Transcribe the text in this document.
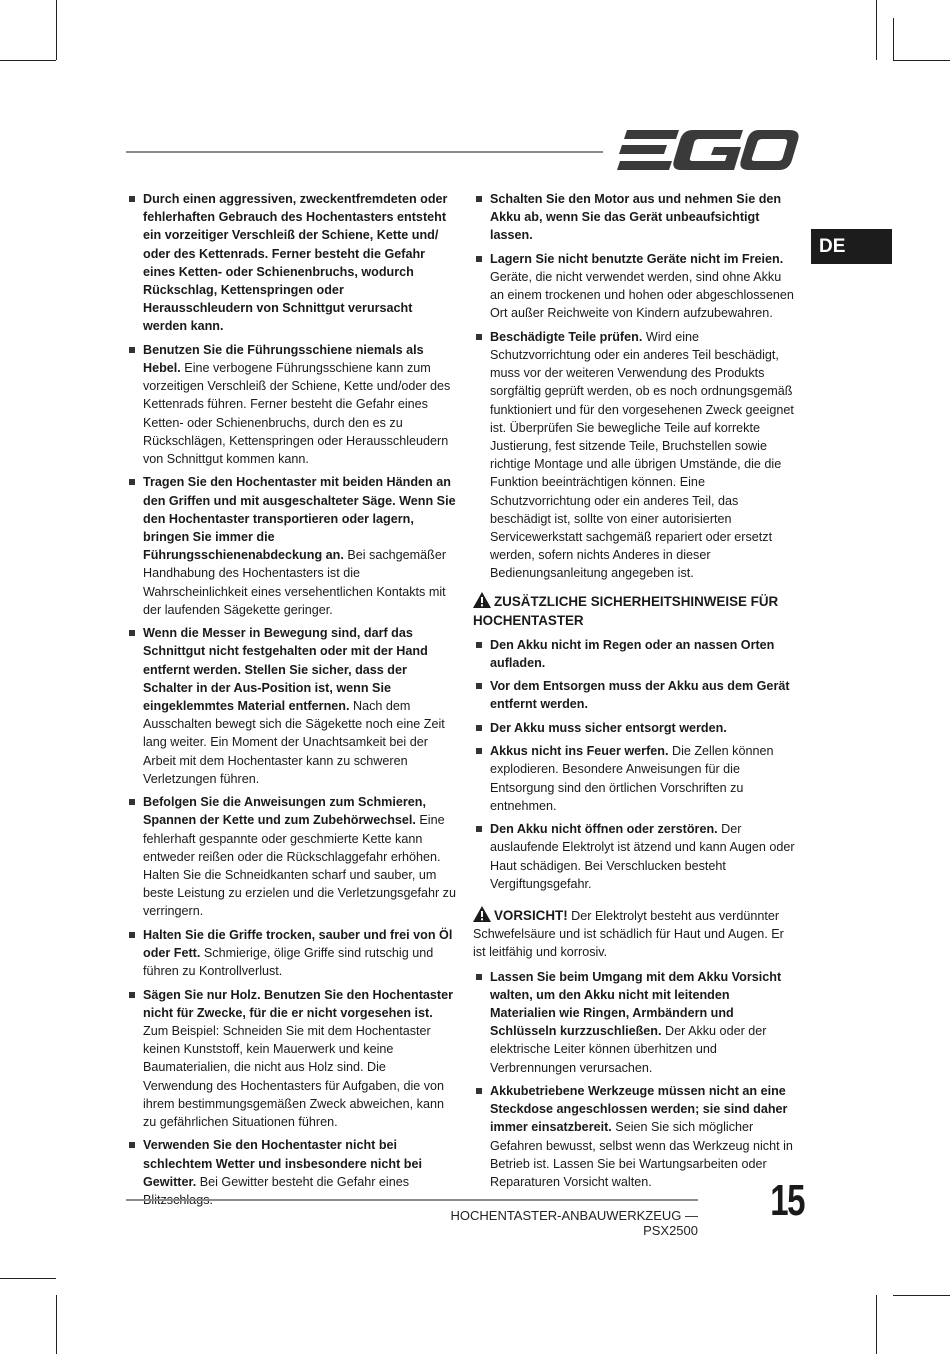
DE
Durch einen aggressiven, zweckentfremdeten oder fehlerhaften Gebrauch des Hochentasters entsteht ein vorzeitiger Verschleiß der Schiene, Kette und/ oder des Kettenrads. Ferner besteht die Gefahr eines Ketten- oder Schienenbruchs, wodurch Rückschlag, Kettenspringen oder Herausschleudern von Schnittgut verursacht werden kann.
Benutzen Sie die Führungsschiene niemals als Hebel. Eine verbogene Führungsschiene kann zum vorzeitigen Verschleiß der Schiene, Kette und/oder des Kettenrads führen. Ferner besteht die Gefahr eines Ketten- oder Schienenbruchs, durch den es zu Rückschlägen, Kettenspringen oder Herausschleudern von Schnittgut kommen kann.
Tragen Sie den Hochentaster mit beiden Händen an den Griffen und mit ausgeschalteter Säge. Wenn Sie den Hochentaster transportieren oder lagern, bringen Sie immer die Führungsschienenabdeckung an. Bei sachgemäßer Handhabung des Hochentasters ist die Wahrscheinlichkeit eines versehentlichen Kontakts mit der laufenden Sägekette geringer.
Wenn die Messer in Bewegung sind, darf das Schnittgut nicht festgehalten oder mit der Hand entfernt werden. Stellen Sie sicher, dass der Schalter in der Aus-Position ist, wenn Sie eingeklemmtes Material entfernen. Nach dem Ausschalten bewegt sich die Sägekette noch eine Zeit lang weiter. Ein Moment der Unachtsamkeit bei der Arbeit mit dem Hochentaster kann zu schweren Verletzungen führen.
Befolgen Sie die Anweisungen zum Schmieren, Spannen der Kette und zum Zubehörwechsel. Eine fehlerhaft gespannte oder geschmierte Kette kann entweder reißen oder die Rückschlaggefahr erhöhen. Halten Sie die Schneidkanten scharf und sauber, um beste Leistung zu erzielen und die Verletzungsgefahr zu verringern.
Halten Sie die Griffe trocken, sauber und frei von Öl oder Fett. Schmierige, ölige Griffe sind rutschig und führen zu Kontrollverlust.
Sägen Sie nur Holz. Benutzen Sie den Hochentaster nicht für Zwecke, für die er nicht vorgesehen ist. Zum Beispiel: Schneiden Sie mit dem Hochentaster keinen Kunststoff, kein Mauerwerk und keine Baumaterialien, die nicht aus Holz sind. Die Verwendung des Hochentasters für Aufgaben, die von ihrem bestimmungsgemäßen Zweck abweichen, kann zu gefährlichen Situationen führen.
Verwenden Sie den Hochentaster nicht bei schlechtem Wetter und insbesondere nicht bei Gewitter. Bei Gewitter besteht die Gefahr eines
Schalten Sie den Motor aus und nehmen Sie den Akku ab, wenn Sie das Gerät unbeaufsichtigt lassen.
Lagern Sie nicht benutzte Geräte nicht im Freien. Geräte, die nicht verwendet werden, sind ohne Akku an einem trockenen und hohen oder abgeschlossenen Ort außer Reichweite von Kindern aufzubewahren.
Beschädigte Teile prüfen. Wird eine Schutzvorrichtung oder ein anderes Teil beschädigt, muss vor der weiteren Verwendung des Produkts sorgfältig geprüft werden, ob es noch ordnungsgemäß funktioniert und für den vorgesehenen Zweck geeignet ist. Überprüfen Sie bewegliche Teile auf korrekte Justierung, fest sitzende Teile, Bruchstellen sowie richtige Montage und alle übrigen Umstände, die die Funktion beeinträchtigen können. Eine Schutzvorrichtung oder ein anderes Teil, das beschädigt ist, sollte von einer autorisierten Servicewerkstatt sachgemäß repariert oder ersetzt werden, sofern nichts Anderes in dieser Bedienungsanleitung angegeben ist.
ZUSÄTZLICHE SICHERHEITSHINWEISE FÜR HOCHENTASTER
Den Akku nicht im Regen oder an nassen Orten aufladen.
Vor dem Entsorgen muss der Akku aus dem Gerät entfernt werden.
Der Akku muss sicher entsorgt werden.
Akkus nicht ins Feuer werfen. Die Zellen können explodieren. Besondere Anweisungen für die Entsorgung sind den örtlichen Vorschriften zu entnehmen.
Den Akku nicht öffnen oder zerstören. Der auslaufende Elektrolyt ist ätzend und kann Augen oder Haut schädigen. Bei Verschlucken besteht Vergiftungsgefahr.
VORSICHT! Der Elektrolyt besteht aus verdünnter Schwefelsäure und ist schädlich für Haut und Augen. Er ist leitfähig und korrosiv.
Lassen Sie beim Umgang mit dem Akku Vorsicht walten, um den Akku nicht mit leitenden Materialien wie Ringen, Armbändern und Schlüsseln kurzzuschließen. Der Akku oder der elektrische Leiter können überhitzen und Verbrennungen verursachen.
Akkubetriebene Werkzeuge müssen nicht an eine Steckdose angeschlossen werden; sie sind daher immer einsatzbereit. Seien Sie sich möglicher Gefahren bewusst, selbst wenn das Werkzeug nicht in Betrieb ist. Lassen Sie bei Wartungsarbeiten oder Reparaturen Vorsicht walten.
HOCHENTASTER-ANBAUWERKZEUG — PSX2500
15
